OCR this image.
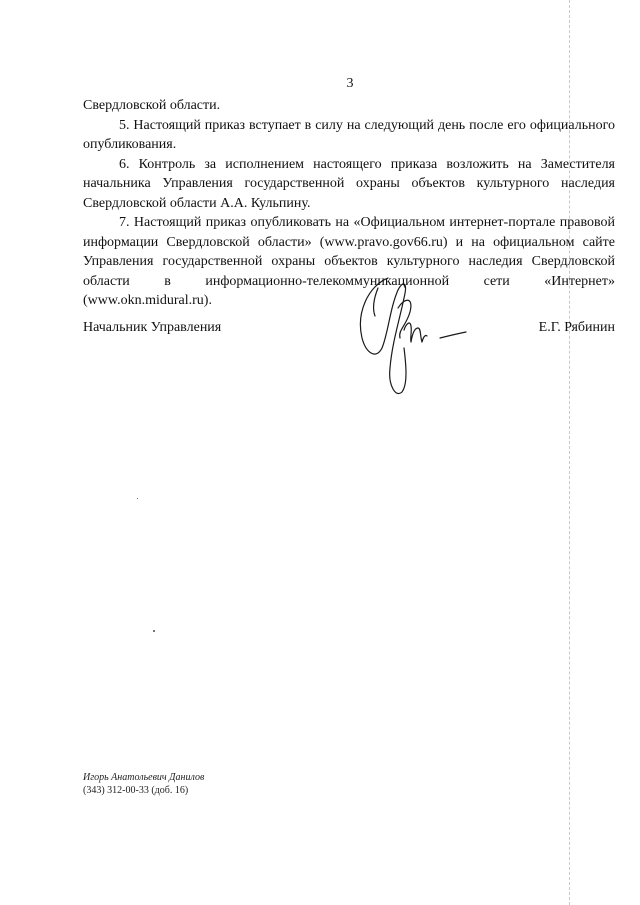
3

Свердловской области.

5. Настоящий приказ вступает в силу на следующий день после его официального опубликования.

6. Контроль за исполнением настоящего приказа возложить на Заместителя начальника Управления государственной охраны объектов культурного наследия Свердловской области А.А. Кульпину.

7. Настоящий приказ опубликовать на «Официальном интернет-портале правовой информации Свердловской области» (www.pravo.gov66.ru) и на официальном сайте Управления государственной охраны объектов культурного наследия Свердловской области в информационно-телекоммуникационной сети «Интернет» (www.okn.midural.ru).

Начальник Управления	Е.Г. Рябинин
Игорь Анатольевич Данилов
(343) 312-00-33 (доб. 16)
